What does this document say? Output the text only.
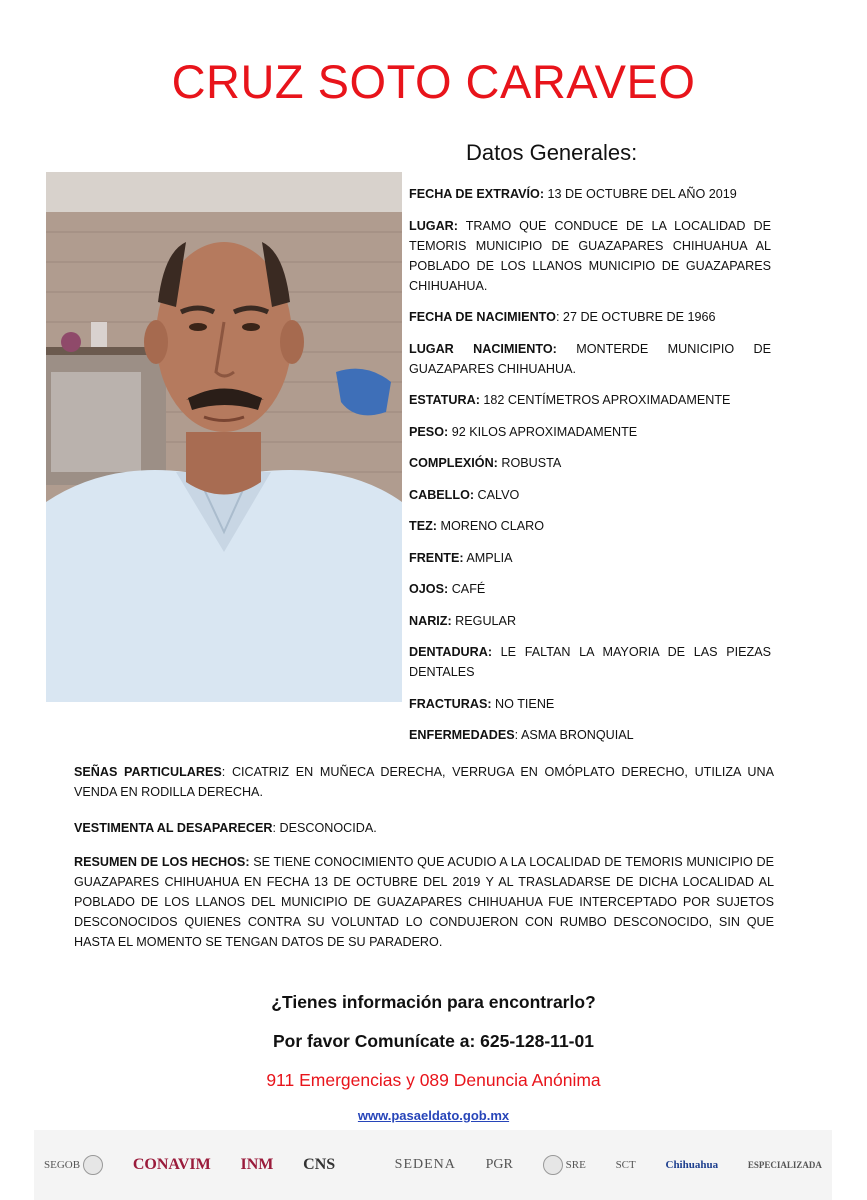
CRUZ SOTO CARAVEO
Datos Generales:
FECHA DE EXTRAVÍO: 13 DE OCTUBRE DEL AÑO 2019
LUGAR: TRAMO QUE CONDUCE DE LA LOCALIDAD DE TEMORIS MUNICIPIO DE GUAZAPARES CHIHUAHUA AL POBLADO DE LOS LLANOS MUNICIPIO DE GUAZAPARES CHIHUAHUA.
FECHA DE NACIMIENTO: 27 DE OCTUBRE DE 1966
LUGAR NACIMIENTO: MONTERDE MUNICIPIO DE GUAZAPARES CHIHUAHUA.
ESTATURA: 182 CENTÍMETROS APROXIMADAMENTE
PESO: 92 KILOS APROXIMADAMENTE
COMPLEXIÓN: ROBUSTA
CABELLO: CALVO
TEZ: MORENO CLARO
FRENTE: AMPLIA
OJOS: CAFÉ
NARIZ: REGULAR
DENTADURA: LE FALTAN LA MAYORIA DE LAS PIEZAS DENTALES
FRACTURAS: NO TIENE
ENFERMEDADES: ASMA BRONQUIAL
SEÑAS PARTICULARES: CICATRIZ EN MUÑECA DERECHA, VERRUGA EN OMÓPLATO DERECHO, UTILIZA UNA VENDA EN RODILLA DERECHA.
VESTIMENTA AL DESAPARECER: DESCONOCIDA.
RESUMEN DE LOS HECHOS: SE TIENE CONOCIMIENTO QUE ACUDIO A LA LOCALIDAD DE TEMORIS MUNICIPIO DE GUAZAPARES CHIHUAHUA EN FECHA 13 DE OCTUBRE DEL 2019 Y AL TRASLADARSE DE DICHA LOCALIDAD AL POBLADO DE LOS LLANOS DEL MUNICIPIO DE GUAZAPARES CHIHUAHUA FUE INTERCEPTADO POR SUJETOS DESCONOCIDOS QUIENES CONTRA SU VOLUNTAD LO CONDUJERON CON RUMBO DESCONOCIDO, SIN QUE HASTA EL MOMENTO SE TENGAN DATOS DE SU PARADERO.
¿Tienes información para encontrarlo?
Por favor Comunícate a: 625-128-11-01
911 Emergencias y 089 Denuncia Anónima
www.pasaeldato.gob.mx
SEGOB	CONAVIM INM CNS	SEDENA PGR	SRE	SCT	Chihuahua	ESPECIALIZADA
